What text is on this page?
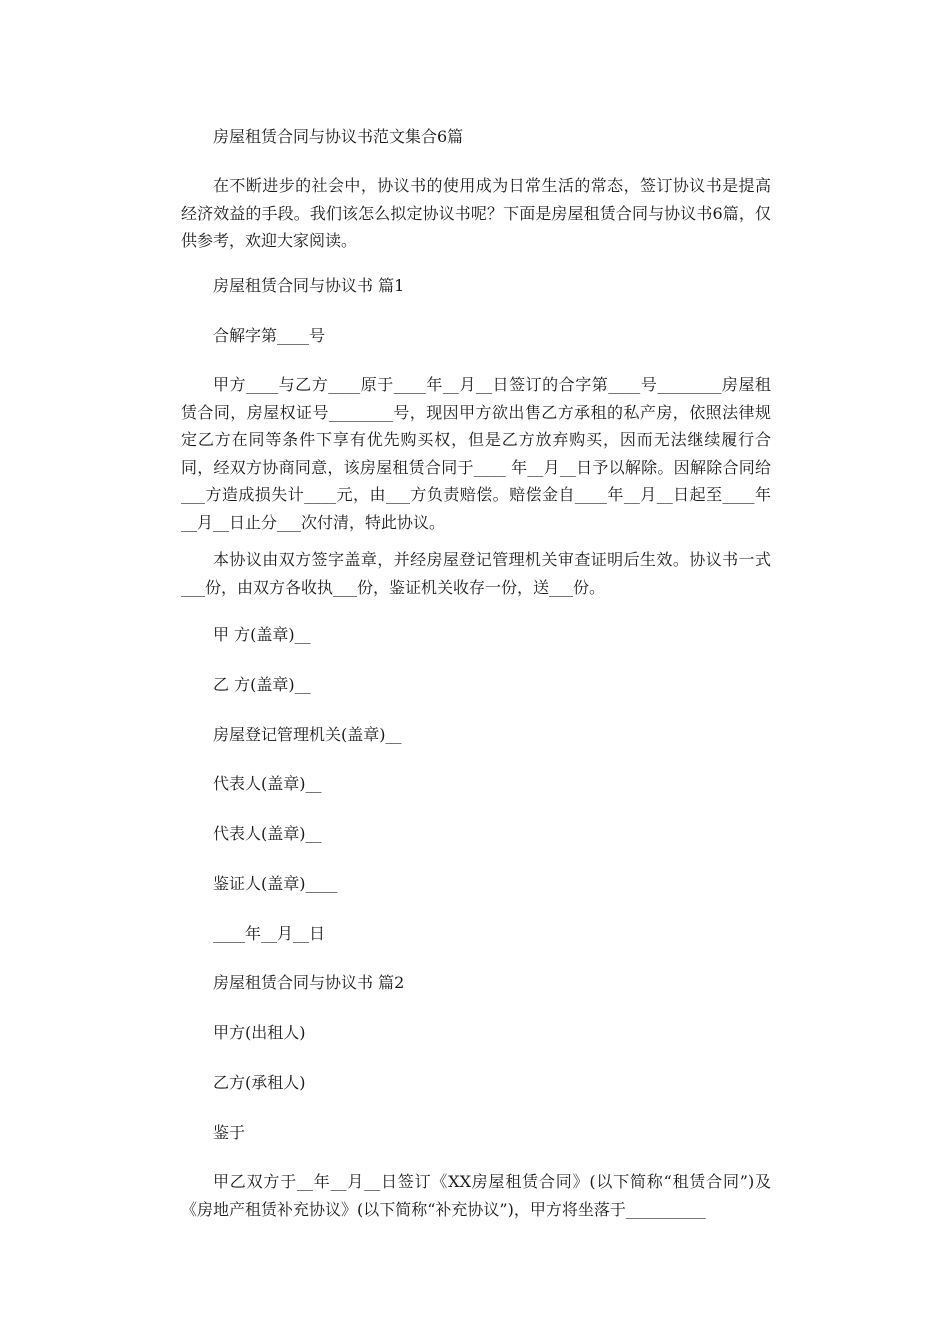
房屋租赁合同与协议书范文集合6篇
在不断进步的社会中，协议书的使用成为日常生活的常态，签订协议书是提高经济效益的手段。我们该怎么拟定协议书呢？下面是房屋租赁合同与协议书6篇，仅供参考，欢迎大家阅读。
房屋租赁合同与协议书 篇1
合解字第____号
甲方____与乙方____原于____年__月__日签订的合字第____号________房屋租赁合同，房屋权证号________号，现因甲方欲出售乙方承租的私产房，依照法律规定乙方在同等条件下享有优先购买权，但是乙方放弃购买，因而无法继续履行合同，经双方协商同意，该房屋租赁合同于____ 年__月__日予以解除。因解除合同给___方造成损失计____元，由___方负责赔偿。赔偿金自____年__月__日起至____年__月__日止分___次付清，特此协议。
本协议由双方签字盖章，并经房屋登记管理机关审查证明后生效。协议书一式___份，由双方各收执___份，鉴证机关收存一份，送___份。
甲 方(盖章)__
乙 方(盖章)__
房屋登记管理机关(盖章)__
代表人(盖章)__
代表人(盖章)__
鉴证人(盖章)____
____年__月__日
房屋租赁合同与协议书 篇2
甲方(出租人)
乙方(承租人)
鉴于
甲乙双方于__年__月__日签订《XX房屋租赁合同》(以下简称“租赁合同”)及《房地产租赁补充协议》(以下简称“补充协议”)，甲方将坐落于__________
